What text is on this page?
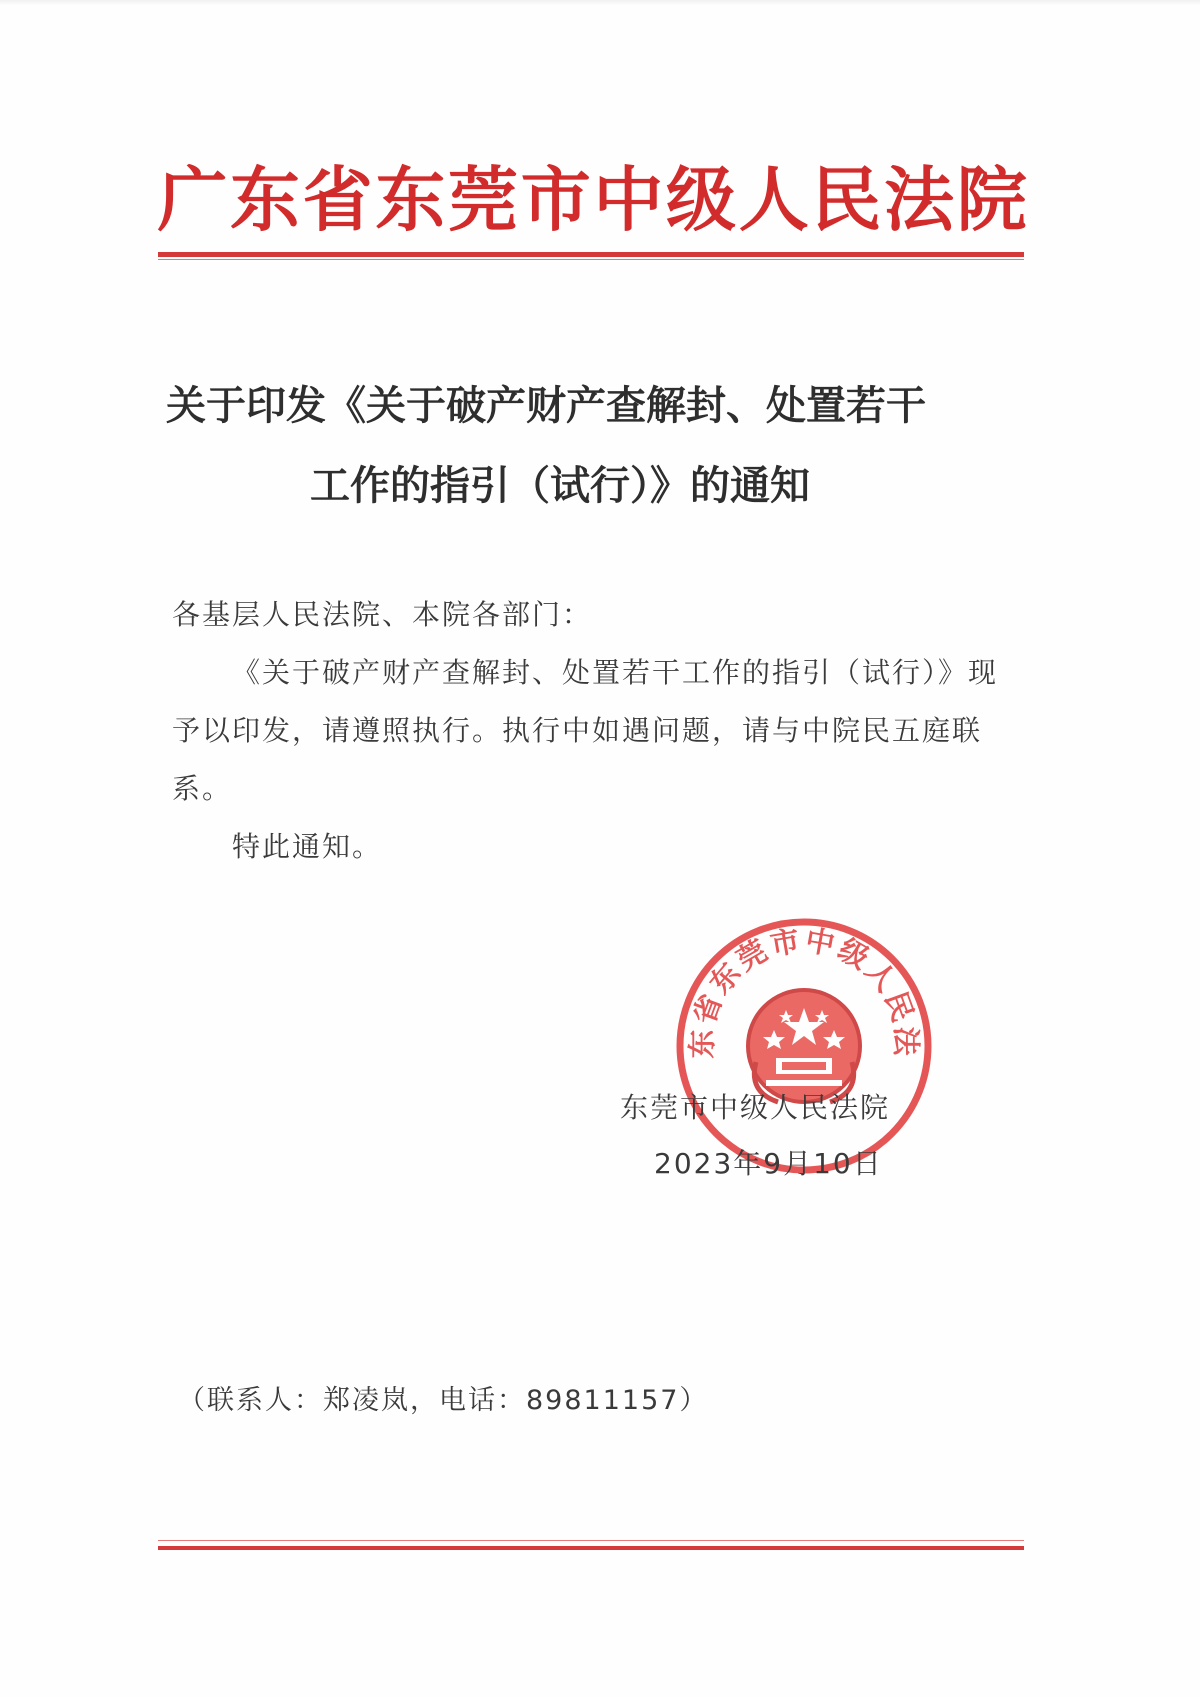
广 东 省 东 莞 市 中 级 人 民 法 院
关于印发《关于破产财产查解封、处置若干
工作的指引（试行）》的通知

各基层人民法院、本院各部门：

《关于破产财产查解封、处置若干工作的指引（试行）》现予以印发，请遵照执行。执行中如遇问题，请与中院民五庭联系。

特此通知。

东省东莞市中级人民法
东莞市中级人民法院
2023年9月10日
（联系人：郑凌岚，电话：89811157）
